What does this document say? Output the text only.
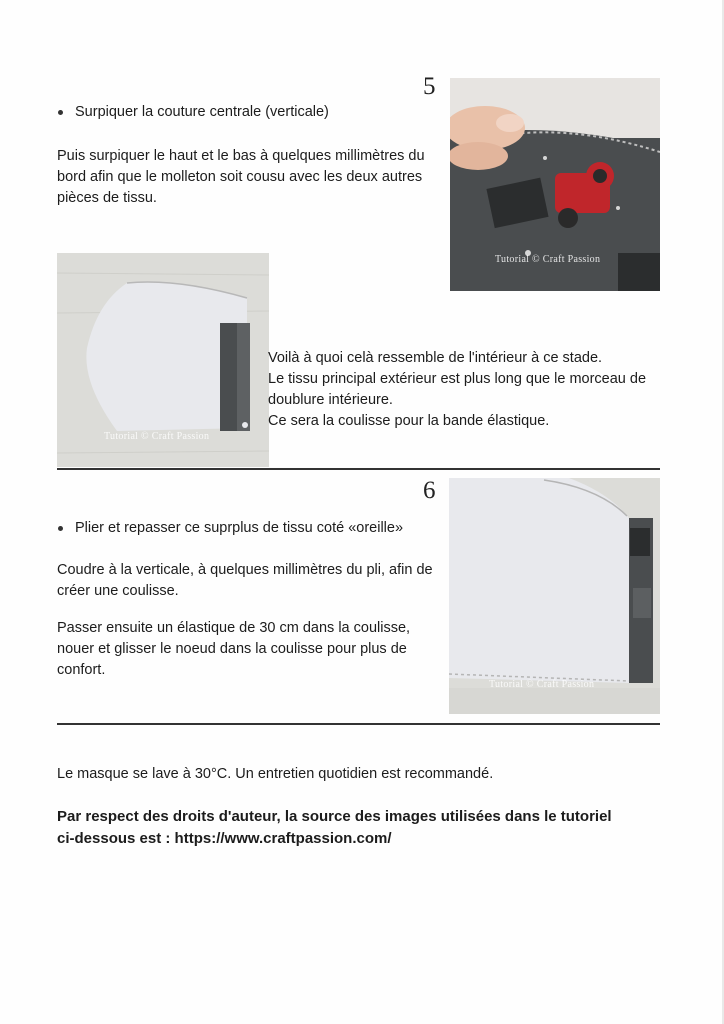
5
Surpiquer la couture centrale (verticale)
Puis surpiquer le haut et le bas à quelques millimètres du
bord afin que le molleton soit cousu avec les deux autres
pièces de tissu.
Tutorial © Craft Passion
Tutorial © Craft Passion
Voilà à quoi celà ressemble de l'intérieur à ce stade.
Le tissu principal extérieur est plus long que le morceau de
doublure intérieure.
Ce sera la coulisse pour la bande élastique.
6
Plier et repasser ce suprplus de tissu coté «oreille»
Coudre à la verticale, à quelques millimètres du pli, afin de
créer une coulisse.
Passer ensuite un élastique de 30 cm dans la coulisse,
nouer et glisser le noeud dans la coulisse pour plus de
confort.
Tutorial © Craft Passion
Le masque se lave à 30°C. Un entretien quotidien est recommandé.
Par respect des droits d'auteur, la source des images utilisées dans le tutoriel
ci-dessous est : https://www.craftpassion.com/
